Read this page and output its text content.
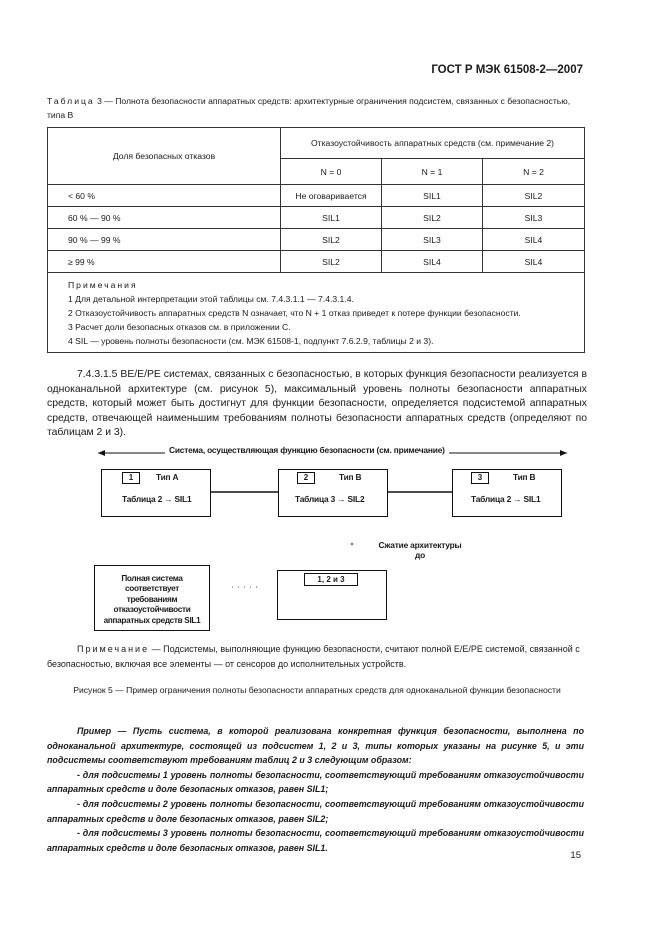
ГОСТ Р МЭК 61508-2—2007
Таблица 3 — Полнота безопасности аппаратных средств: архитектурные ограничения подсистем, связанных с безопасностью, типа B
Доля безопасных отказов	Отказоустойчивость аппаратных средств (см. примечание 2)		
	N = 0	N = 1	N = 2
< 60 %	Не оговаривается	SIL1	SIL2
60 % — 90 %	SIL1	SIL2	SIL3
90 % — 99 %	SIL2	SIL3	SIL4
≥ 99 %	SIL2	SIL4	SIL4

Примечания
1 Для детальной интерпретации этой таблицы см. 7.4.3.1.1 — 7.4.3.1.4.
2 Отказоустойчивость аппаратных средств N означает, что N + 1 отказ приведет к потере функции безопасности.
3 Расчет доли безопасных отказов см. в приложении С.
4 SIL — уровень полноты безопасности (см. МЭК 61508-1, подпункт 7.6.2.9, таблицы 2 и 3).			
7.4.3.1.5 BE/E/PE системах, связанных с безопасностью, в которых функция безопасности реализуется в одноканальной архитектуре (см. рисунок 5), максимальный уровень полноты безопасности аппаратных средств, который может быть достигнут для функции безопасности, определяется подсистемой аппаратных средств, отвечающей наименьшим требованиям полноты безопасности аппаратных средств (определяют по таблицам 2 и 3).
Система, осуществляющая функцию безопасности (см. примечание)
1	Тип A
Таблица 2 → SIL1
2	Тип B
Таблица 3 → SIL2
3	Тип B
Таблица 2 → SIL1
Сжатие архитектуры
до
Полная система соответствует требованиям отказоустойчивости аппаратных средств SIL1
1, 2 и 3
Примечание — Подсистемы, выполняющие функцию безопасности, считают полной E/E/PE системой, связанной с безопасностью, включая все элементы — от сенсоров до исполнительных устройств.
Рисунок 5 — Пример ограничения полноты безопасности аппаратных средств для одноканальной функции безопасности

Пример — Пусть система, в которой реализована конкретная функция безопасности, выполнена по одноканальной архитектуре, состоящей из подсистем 1, 2 и 3, типы которых указаны на рисунке 5, и эти подсистемы соответствуют требованиям таблиц 2 и 3 следующим образом:

- для подсистемы 1 уровень полноты безопасности, соответствующий требованиям отказоустойчивости аппаратных средств и доле безопасных отказов, равен SIL1;

- для подсистемы 2 уровень полноты безопасности, соответствующий требованиям отказоустойчивости аппаратных средств и доле безопасных отказов, равен SIL2;

- для подсистемы 3 уровень полноты безопасности, соответствующий требованиям отказоустойчивости аппаратных средств и доле безопасных отказов, равен SIL1.

15
